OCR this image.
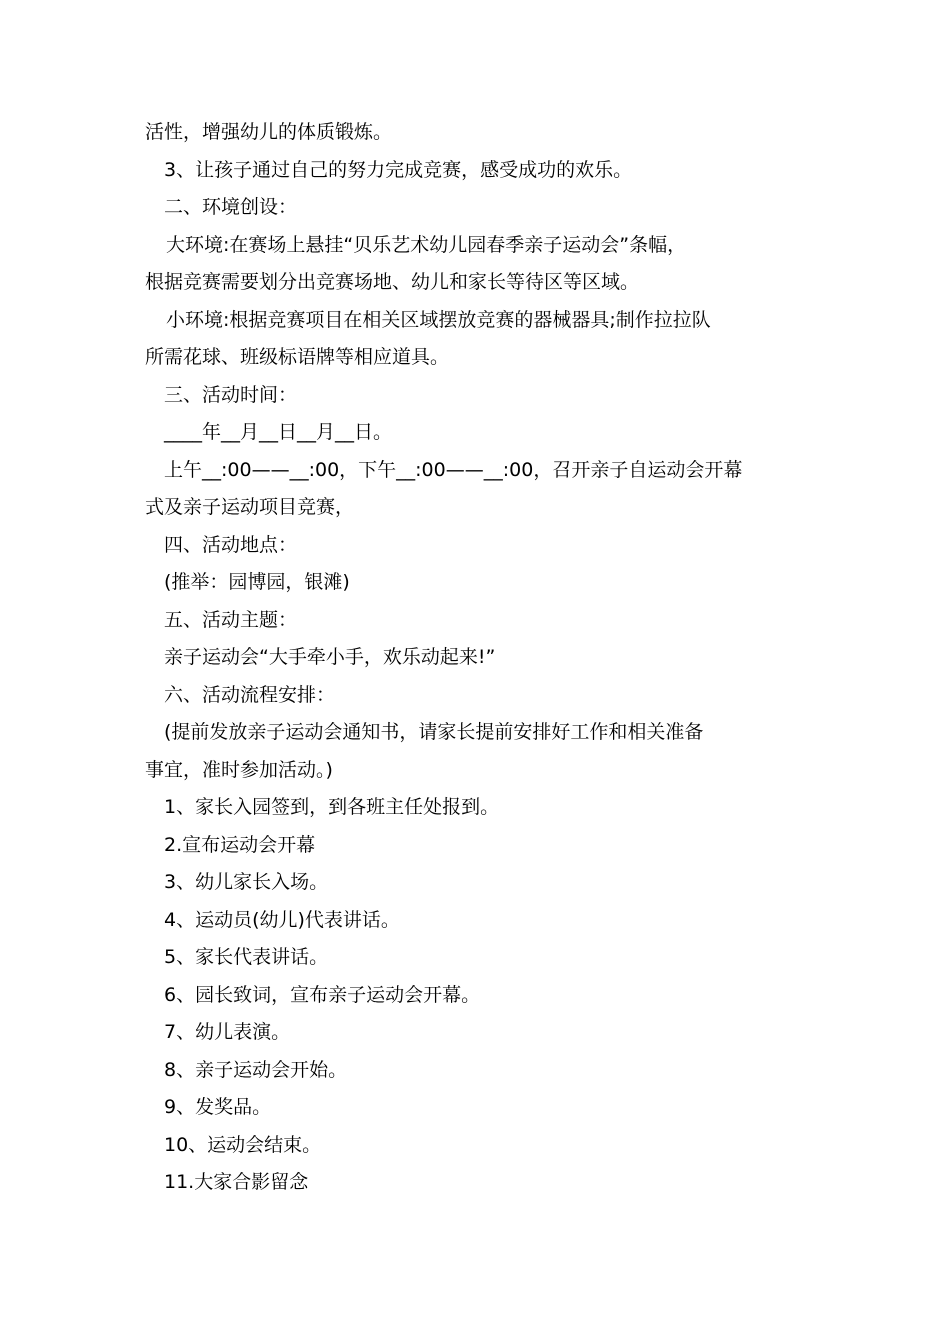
活性，增强幼儿的体质锻炼。

3、让孩子通过自己的努力完成竞赛，感受成功的欢乐。

二、环境创设：

大环境:在赛场上悬挂“贝乐艺术幼儿园春季亲子运动会”条幅，

根据竞赛需要划分出竞赛场地、幼儿和家长等待区等区域。

小环境:根据竞赛项目在相关区域摆放竞赛的器械器具;制作拉拉队

所需花球、班级标语牌等相应道具。

三、活动时间：

____年__月__日__月__日。

上午__:00——__:00，下午__:00——__:00，召开亲子自运动会开幕

式及亲子运动项目竞赛，

四、活动地点：

(推举：园博园，银滩)

五、活动主题：

亲子运动会“大手牵小手，欢乐动起来!”

六、活动流程安排：

(提前发放亲子运动会通知书，请家长提前安排好工作和相关准备

事宜，准时参加活动。)

1、家长入园签到，到各班主任处报到。

2.宣布运动会开幕

3、幼儿家长入场。

4、运动员(幼儿)代表讲话。

5、家长代表讲话。

6、园长致词，宣布亲子运动会开幕。

7、幼儿表演。

8、亲子运动会开始。

9、发奖品。

10、运动会结束。

11.大家合影留念
